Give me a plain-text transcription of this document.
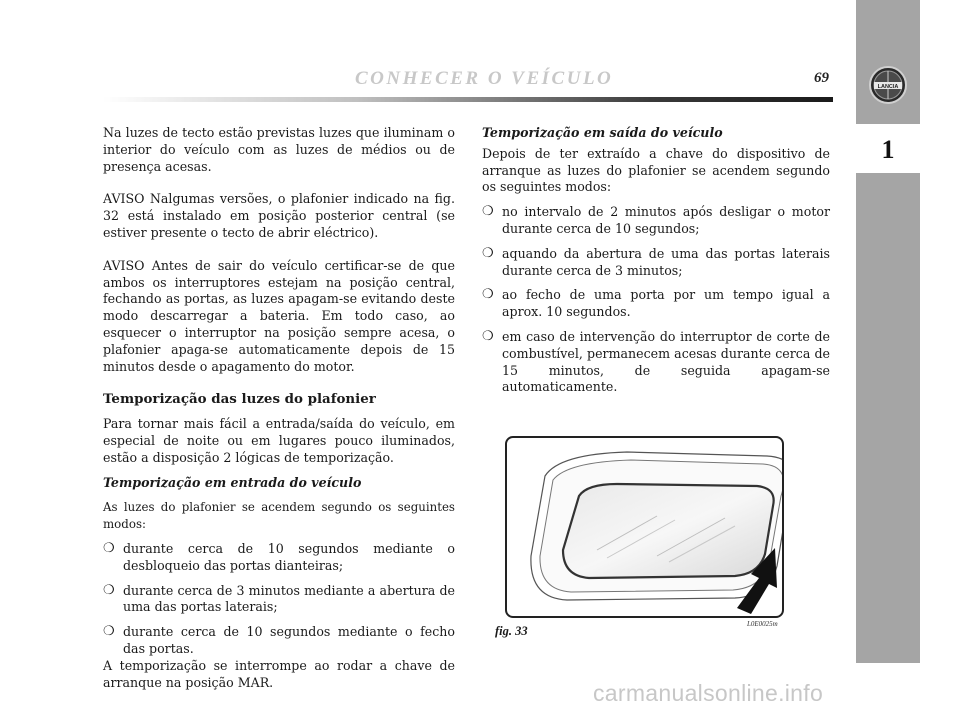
CONHECER O VEÍCULO	69
LANCIA
1

Na luzes de tecto estão previstas luzes que iluminam o interior do veículo com as luzes de médios ou de presença acesas.

AVISO Nalgumas versões, o plafonier indicado na fig. 32 está instalado em posição posterior central (se estiver presente o tecto de abrir eléctrico).

AVISO Antes de sair do veículo certificar-se de que ambos os interruptores estejam na posição central, fechando as portas, as luzes apagam-se evitando deste modo descarregar a bateria. Em todo caso, ao esquecer o interruptor na posição sempre acesa, o plafonier apaga-se automaticamente depois de 15 minutos desde o apagamento do motor.

Temporização das luzes do plafonier

Para tornar mais fácil a entrada/saída do veículo, em especial de noite ou em lugares pouco iluminados, estão a disposição 2 lógicas de temporização.

Temporização em entrada do veículo

As luzes do plafonier se acendem segundo os seguintes modos:

❍ durante cerca de 10 segundos mediante o desbloqueio das portas dianteiras;
❍ durante cerca de 3 minutos mediante a abertura de uma das portas laterais;
❍ durante cerca de 10 segundos mediante o fecho das portas.

A temporização se interrompe ao rodar a chave de arranque na posição MAR.

Temporização em saída do veículo

Depois de ter extraído a chave do dispositivo de arranque as luzes do plafonier se acendem segundo os seguintes modos:

❍ no intervalo de 2 minutos após desligar o motor durante cerca de 10 segundos;
❍ aquando da abertura de uma das portas laterais durante cerca de 3 minutos;
❍ ao fecho de uma porta por um tempo igual a aprox. 10 segundos.
❍ em caso de intervenção do interruptor de corte de combustível, permanecem acesas durante cerca de 15 minutos, de seguida apagam-se automaticamente.
fig. 33	L0E0025m
carmanualsonline.info
